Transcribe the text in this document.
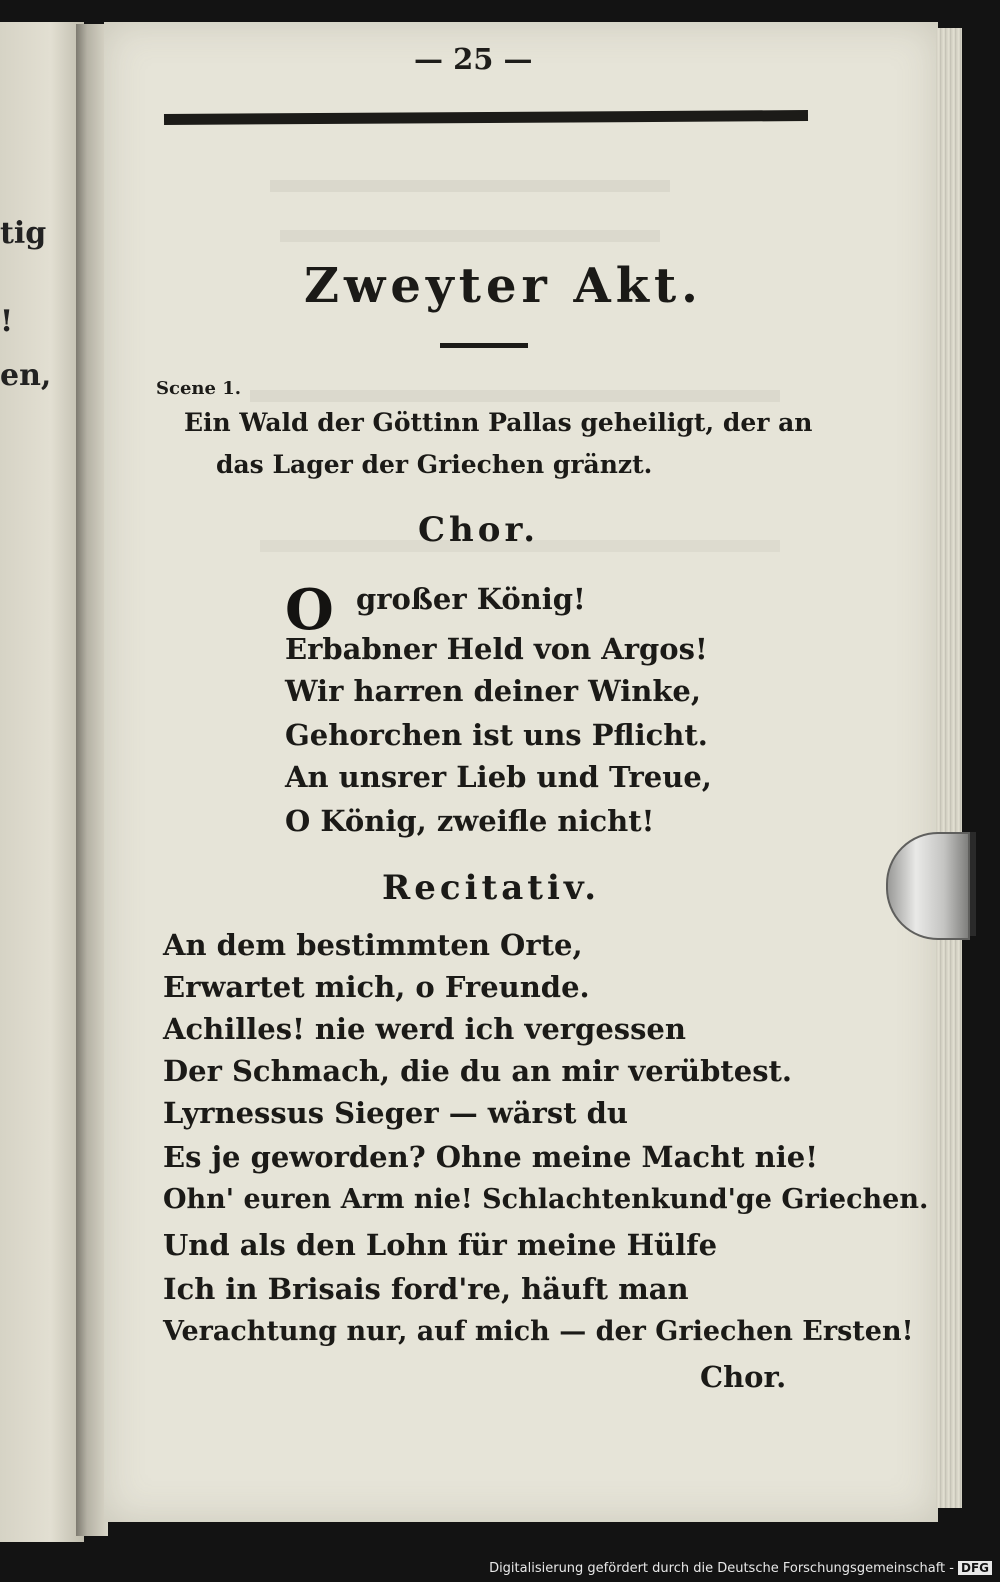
tig
!
en,
— 25 —
Zweyter Akt.
Scene 1.
Ein Wald der Göttinn Pallas geheiligt, der an
das Lager der Griechen gränzt.
Chor.
O großer König!
Erbabner Held von Argos!
Wir harren deiner Winke,
Gehorchen ist uns Pflicht.
An unsrer Lieb und Treue,
O König, zweifle nicht!
Recitativ.
An dem bestimmten Orte,
Erwartet mich, o Freunde.
Achilles! nie werd ich vergessen
Der Schmach, die du an mir verübtest.
Lyrnessus Sieger — wärst du
Es je geworden? Ohne meine Macht nie!
Ohn' euren Arm nie! Schlachtenkund'ge Griechen.
Und als den Lohn für meine Hülfe
Ich in Brisais ford're, häuft man
Verachtung nur, auf mich — der Griechen Ersten!
Chor.
Digitalisierung gefördert durch die Deutsche Forschungsgemeinschaft - DFG
